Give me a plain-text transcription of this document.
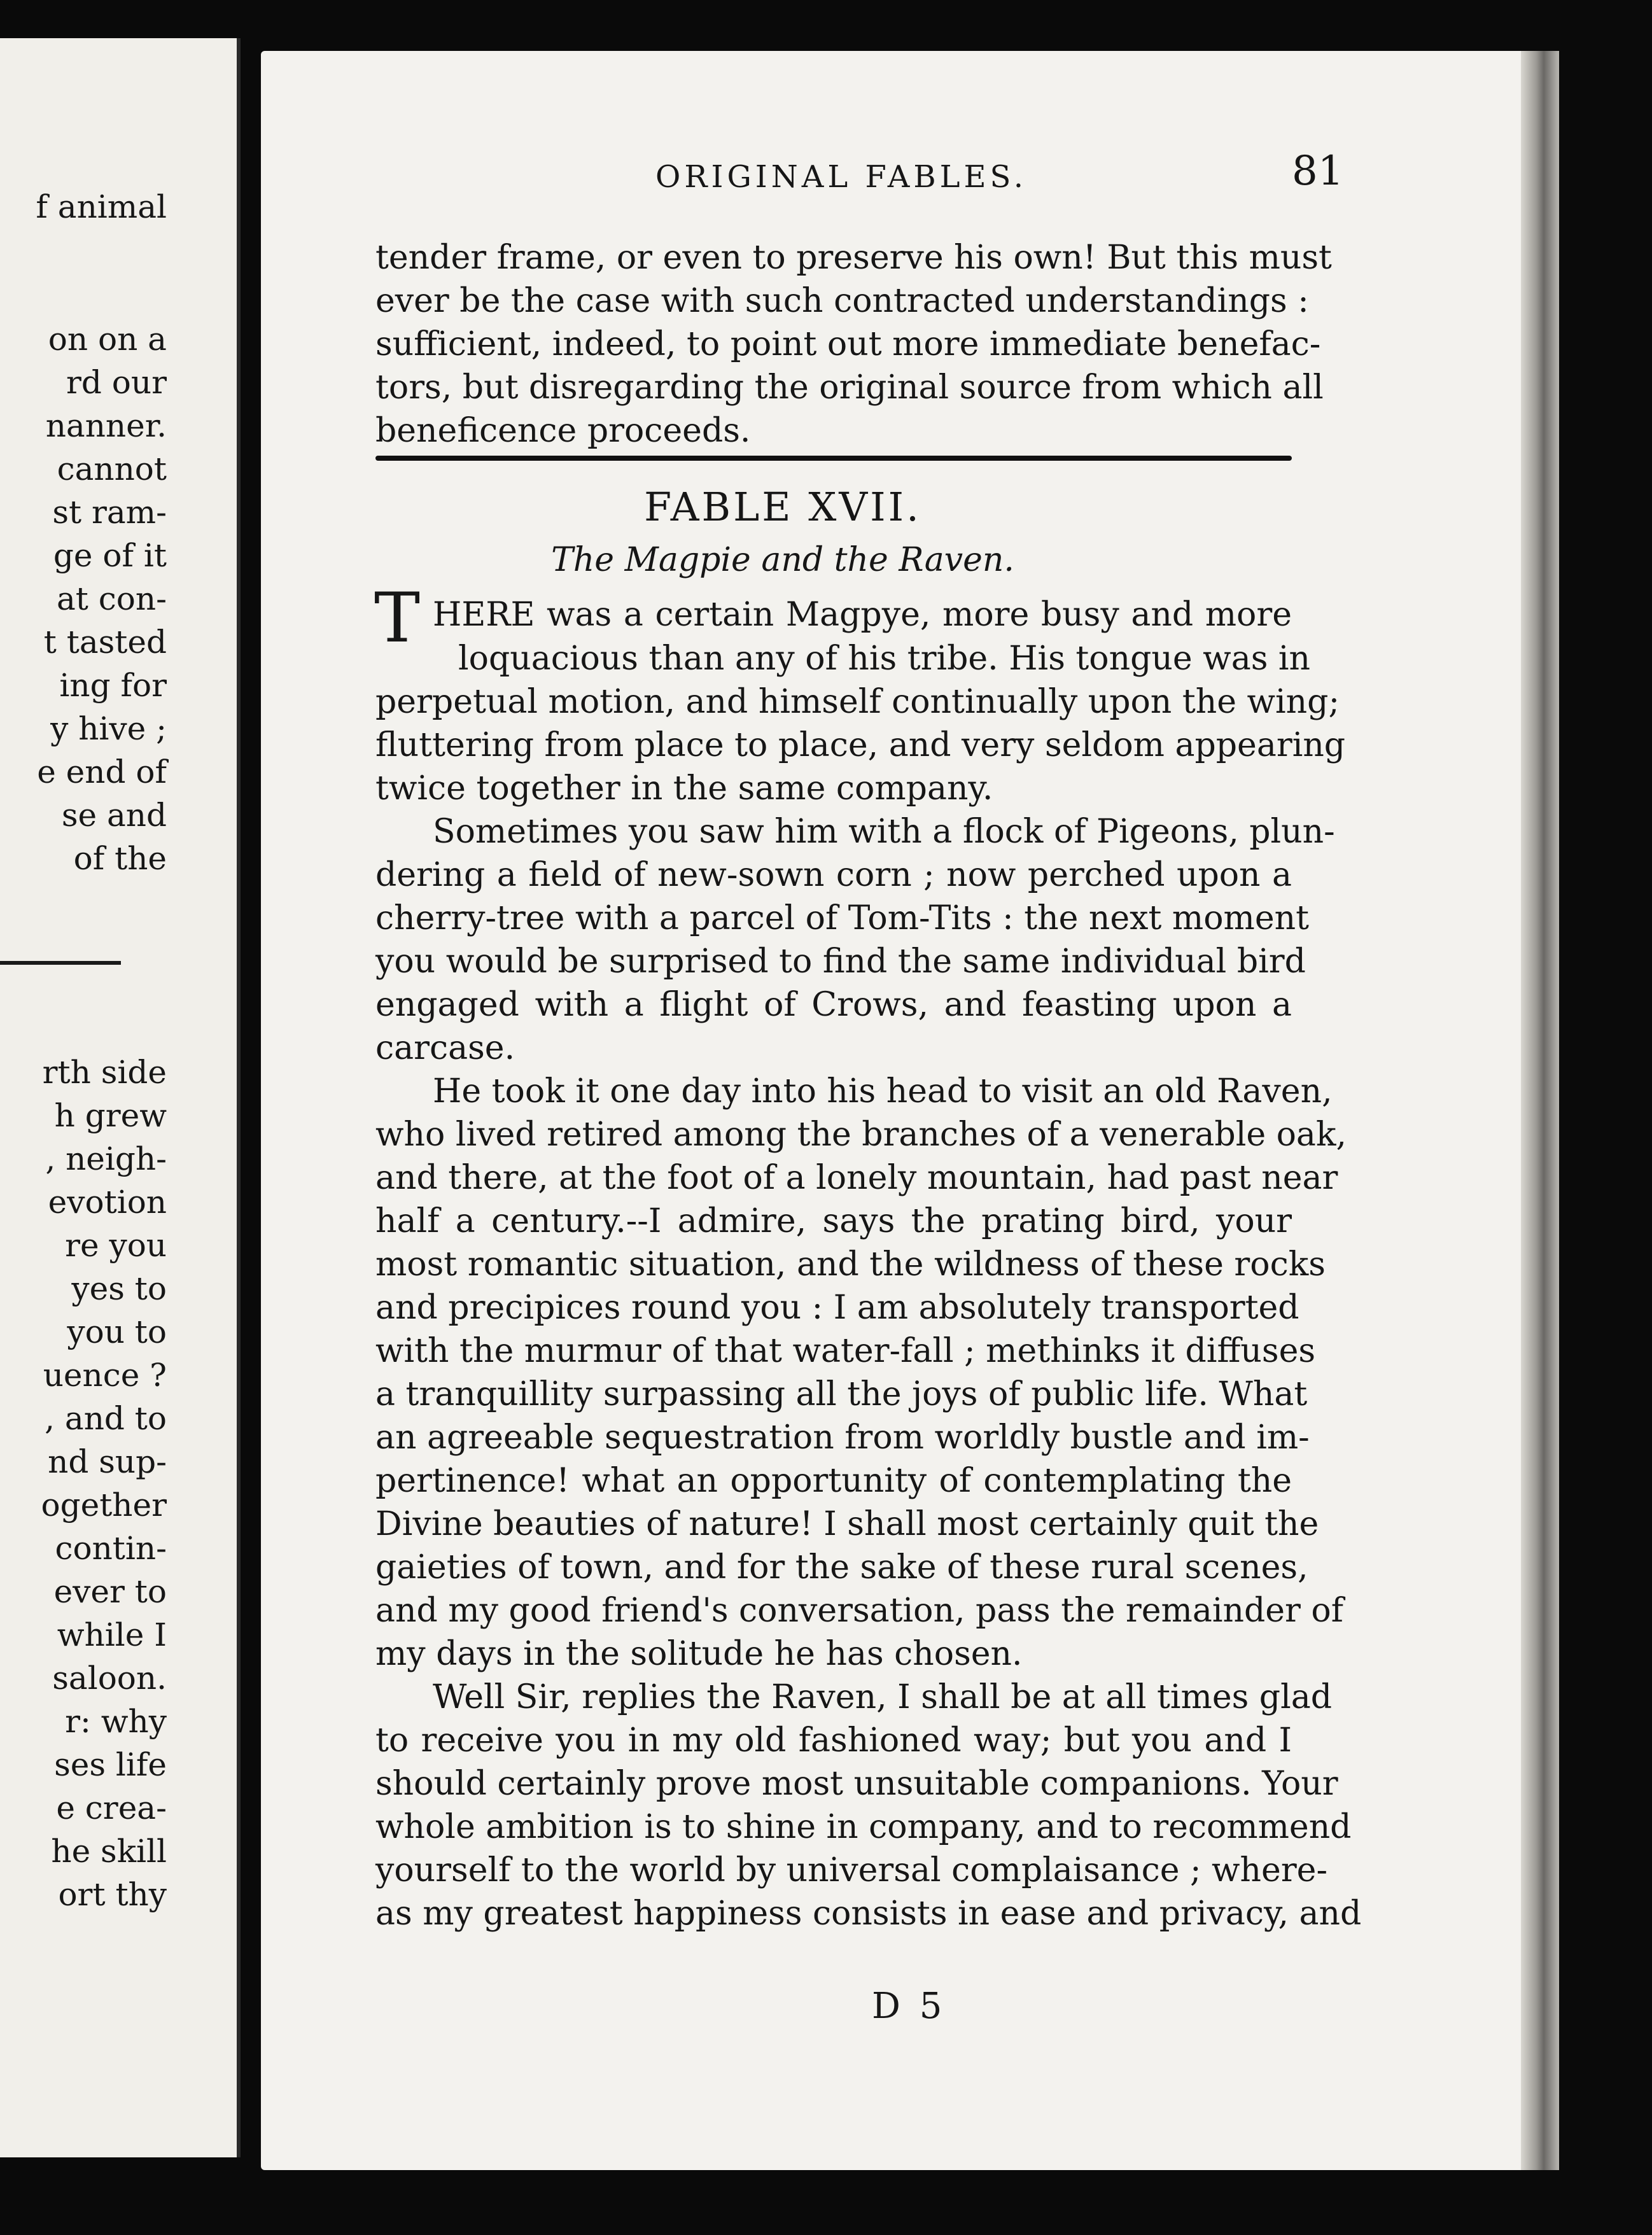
f animal
on on a
rd our
nanner.
cannot
st ram-
ge of it
at con-
t tasted
ing for
y hive ;
e end of
se and
of the
rth side
h grew
, neigh-
evotion
re you
yes to
you to
uence ?
, and to
nd sup-
ogether
contin-
ever to
while I
saloon.
r: why
ses life
e crea-
he skill
ort thy
ORIGINAL FABLES.	81
tender frame, or even to preserve his own! But this must
ever be the case with such contracted understandings :
sufficient, indeed, to point out more immediate benefac-
tors, but disregarding the original source from which all
beneficence proceeds.
FABLE XVII.
The Magpie and the Raven.
T HERE was a certain Magpye, more busy and more
loquacious than any of his tribe. His tongue was in
perpetual motion, and himself continually upon the wing;
fluttering from place to place, and very seldom appearing
twice together in the same company.
Sometimes you saw him with a flock of Pigeons, plun-
dering a field of new-sown corn ; now perched upon a
cherry-tree with a parcel of Tom-Tits : the next moment
you would be surprised to find the same individual bird
engaged with a flight of Crows, and feasting upon a
carcase.
He took it one day into his head to visit an old Raven,
who lived retired among the branches of a venerable oak,
and there, at the foot of a lonely mountain, had past near
half a century.--I admire, says the prating bird, your
most romantic situation, and the wildness of these rocks
and precipices round you : I am absolutely transported
with the murmur of that water-fall ; methinks it diffuses
a tranquillity surpassing all the joys of public life. What
an agreeable sequestration from worldly bustle and im-
pertinence! what an opportunity of contemplating the
Divine beauties of nature! I shall most certainly quit the
gaieties of town, and for the sake of these rural scenes,
and my good friend's conversation, pass the remainder of
my days in the solitude he has chosen.
Well Sir, replies the Raven, I shall be at all times glad
to receive you in my old fashioned way; but you and I
should certainly prove most unsuitable companions. Your
whole ambition is to shine in company, and to recommend
yourself to the world by universal complaisance ; where-
as my greatest happiness consists in ease and privacy, and
D 5
